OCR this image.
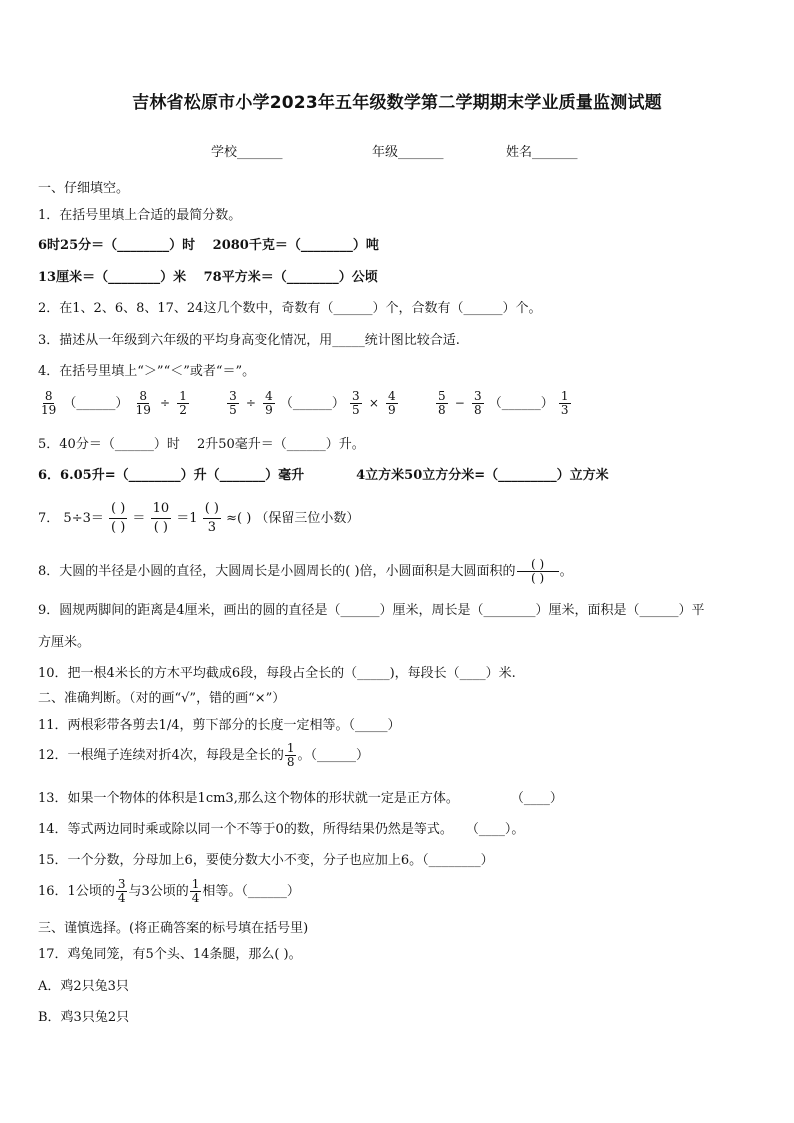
吉林省松原市小学2023年五年级数学第二学期期末学业质量监测试题
学校_______	年级_______	姓名_______
一、仔细填空。
1．在括号里填上合适的最简分数。
6时25分＝（________）时　 2080千克＝（________）吨
13厘米＝（________）米　 78平方米＝（________）公顷
2．在1、2、6、8、17、24这几个数中，奇数有（______）个，合数有（______）个。
3．描述从一年级到六年级的平均身高变化情况，用_____统计图比较合适.
4．在括号里填上“＞”“＜”或者“＝”。
$\frac{8}{19}$ （______） $\frac{8}{19} \div \frac{1}{2}$
	$\frac{3}{5} \div \frac{4}{9}$ （______） $\frac{3}{5} \times \frac{4}{9}$
	$\frac{5}{8} - \frac{3}{8}$ （______） $\frac{1}{3}$
5．40分＝（______）时　 2升50毫升＝（______）升。
6．6.05升=（________）升（_______）毫升　　　　4立方米50立方分米=（_________）立方米
7． $5\div 3= \frac{( )}{( )} = \frac{10}{( )} =1 \frac{( )}{3}$ ≈( ) （保留三位小数）
8．大圆的半径是小圆的直径，大圆周长是小圆周长的( )倍，小圆面积是大圆面积的 $\frac{( )}{( )}$ 。
9．圆规两脚间的距离是4厘米，画出的圆的直径是（______）厘米，周长是（________）厘米，面积是（______）平
方厘米。
10．把一根4米长的方木平均截成6段，每段占全长的（_____)，每段长（____）米.
二、准确判断。（对的画“√”，错的画“×”）
11．两根彩带各剪去1/4，剪下部分的长度一定相等。（_____）
12．一根绳子连续对折4次，每段是全长的 $\frac{1}{8}$ 。（______）
13．如果一个物体的体积是1cm3,那么这个物体的形状就一定是正方体。　　　　　（____）
14．等式两边同时乘或除以同一个不等于0的数，所得结果仍然是等式。　　（____）。
15．一个分数，分母加上6，要使分数大小不变，分子也应加上6。（________）
16．1公顷的 $\frac{3}{4}$ 与3公顷的 $\frac{1}{4}$ 相等。（______）
三、谨慎选择。(将正确答案的标号填在括号里)
17．鸡兔同笼，有5个头、14条腿，那么( )。
A．鸡2只兔3只
B．鸡3只兔2只
